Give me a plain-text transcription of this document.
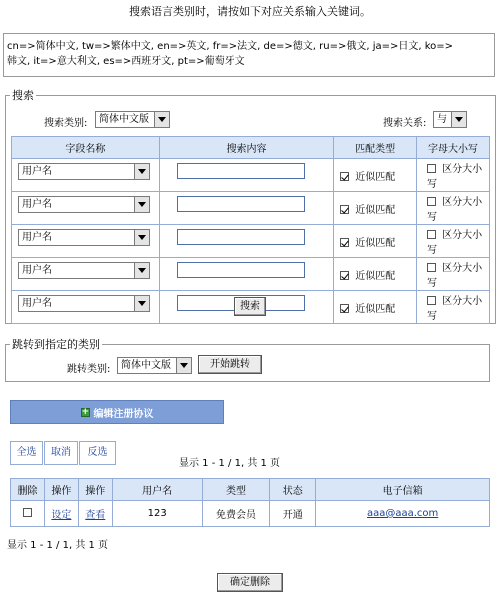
搜索语言类别时，请按如下对应关系输入关键词。
cn=>简体中文, tw=>繁体中文, en=>英文, fr=>法文, de=>德文, ru=>俄文, ja=>日文, ko=>
韩文, it=>意大利文, es=>西班牙文, pt=>葡萄牙文
搜索
搜索类别:	简体中文版	搜索关系:	与
字段名称	搜索内容	匹配类型	字母大小写

用户名		近似匹配	区分大小写

用户名		近似匹配	区分大小写

用户名		近似匹配	区分大小写

用户名		近似匹配	区分大小写

用户名		近似匹配	区分大小写
搜索
跳转到指定的类别
跳转类别:	简体中文版	开始跳转
+ 编辑注册协议
全选	取消	反选
显示 1 - 1 / 1, 共 1 页
删除	操作	操作	用户名	类型	状态	电子信箱
	设定	查看	123	免费会员	开通	aaa@aaa.com
显示 1 - 1 / 1, 共 1 页
确定删除
